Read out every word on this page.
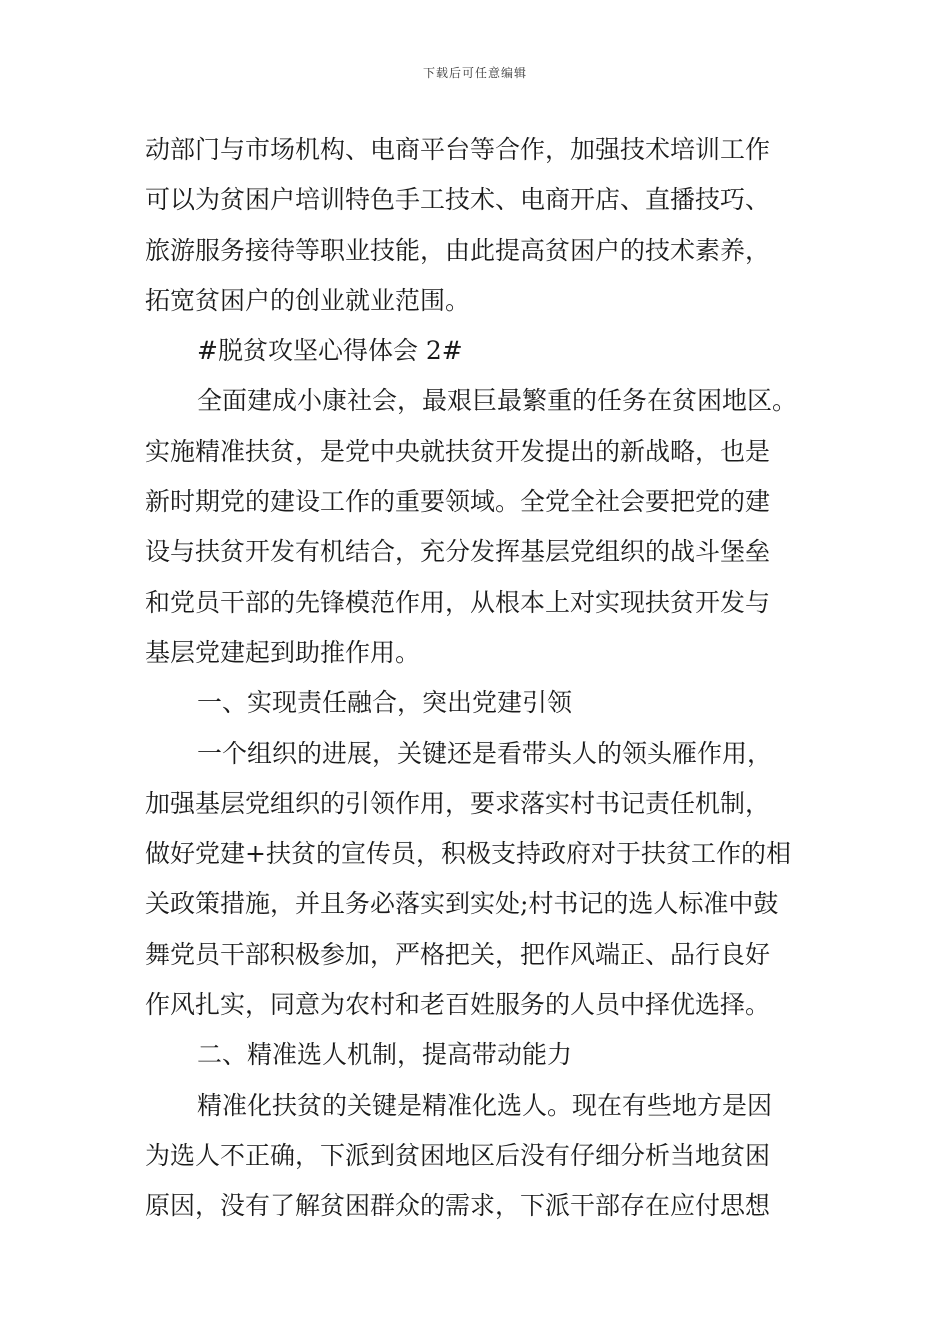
下载后可任意编辑
动部门与市场机构、电商平台等合作，加强技术培训工作
可以为贫困户培训特色手工技术、电商开店、直播技巧、
旅游服务接待等职业技能，由此提高贫困户的技术素养，
拓宽贫困户的创业就业范围。
#脱贫攻坚心得体会 2#
全面建成小康社会，最艰巨最繁重的任务在贫困地区。
实施精准扶贫，是党中央就扶贫开发提出的新战略，也是
新时期党的建设工作的重要领域。全党全社会要把党的建
设与扶贫开发有机结合，充分发挥基层党组织的战斗堡垒
和党员干部的先锋模范作用，从根本上对实现扶贫开发与
基层党建起到助推作用。
一、实现责任融合，突出党建引领
一个组织的进展，关键还是看带头人的领头雁作用，
加强基层党组织的引领作用，要求落实村书记责任机制，
做好党建+扶贫的宣传员，积极支持政府对于扶贫工作的相
关政策措施，并且务必落实到实处;村书记的选人标准中鼓
舞党员干部积极参加，严格把关，把作风端正、品行良好
作风扎实，同意为农村和老百姓服务的人员中择优选择。
二、精准选人机制，提高带动能力
精准化扶贫的关键是精准化选人。现在有些地方是因
为选人不正确，下派到贫困地区后没有仔细分析当地贫困
原因，没有了解贫困群众的需求，下派干部存在应付思想
